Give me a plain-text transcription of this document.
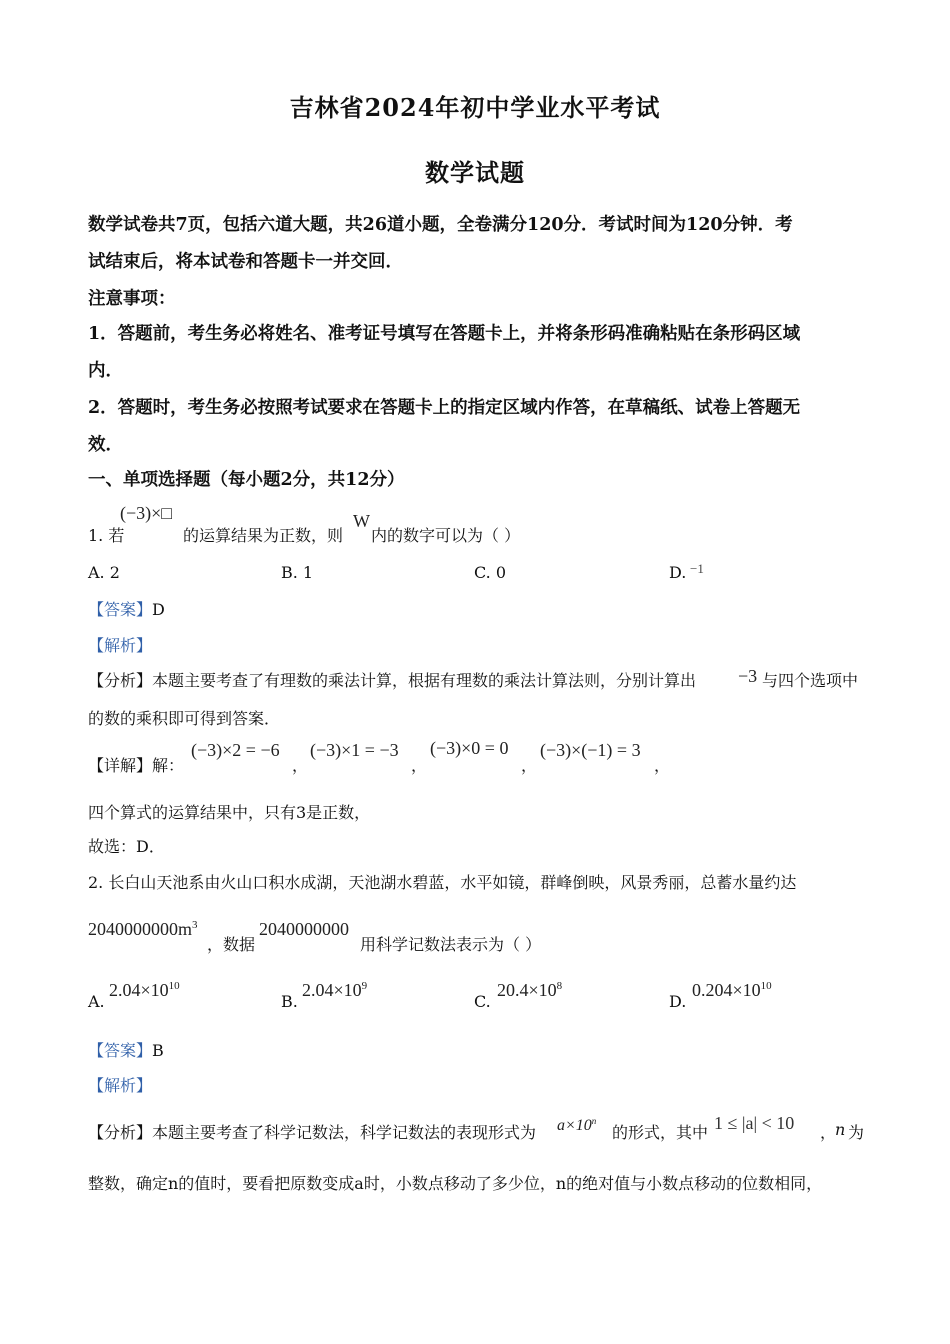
吉林省2024年初中学业水平考试
数学试题
数学试卷共7页，包括六道大题，共26道小题，全卷满分120分．考试时间为120分钟．考
试结束后，将本试卷和答题卡一并交回．
注意事项：
1．答题前，考生务必将姓名、准考证号填写在答题卡上，并将条形码准确粘贴在条形码区域
内．
2．答题时，考生务必按照考试要求在答题卡上的指定区域内作答，在草稿纸、试卷上答题无
效．
一、单项选择题（每小题2分，共12分）
1. 若
(−3)×□
的运算结果为正数，则
W
内的数字可以为（ ）
A. 2	B. 1	C. 0	D. −1
【答案】D
【解析】
【分析】本题主要考查了有理数的乘法计算，根据有理数的乘法计算法则，分别计算出 −3 与四个选项中
的数的乘积即可得到答案．
【详解】解：
(−3)×2 = −6
，
(−3)×1 = −3
，
(−3)×0 = 0
，
(−3)×(−1) = 3
，
四个算式的运算结果中，只有3是正数，
故选：D．
2. 长白山天池系由火山口积水成湖，天池湖水碧蓝，水平如镜，群峰倒映，风景秀丽，总蓄水量约达
$2040000000m^3$
，数据
2040000000
用科学记数法表示为（ ）
A.
$2.04\times 10^{10}$
B.
$2.04\times 10^9$
C.
$20.4\times 10^8$
D.
$0.204\times 10^{10}$
【答案】B
【解析】
【分析】本题主要考查了科学记数法，科学记数法的表现形式为 $a\times 10^n$
的形式，其中 1 ≤ |a| < 10 ，
n 为
整数，确定n的值时，要看把原数变成a时，小数点移动了多少位，n的绝对值与小数点移动的位数相同，
